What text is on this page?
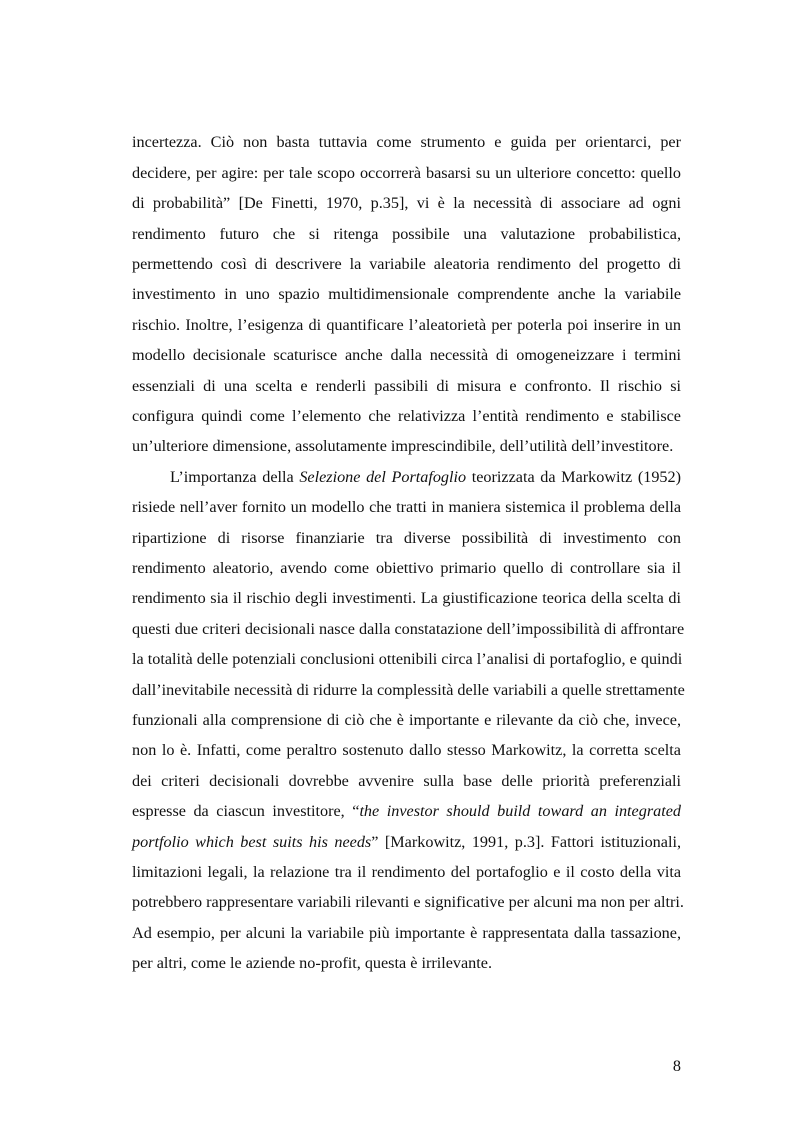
incertezza. Ciò non basta tuttavia come strumento e guida per orientarci, per
decidere, per agire: per tale scopo occorrerà basarsi su un ulteriore concetto: quello
di probabilità” [De Finetti, 1970, p.35], vi è la necessità di associare ad ogni
rendimento futuro che si ritenga possibile una valutazione probabilistica,
permettendo così di descrivere la variabile aleatoria rendimento del progetto di
investimento in uno spazio multidimensionale comprendente anche la variabile
rischio. Inoltre, l’esigenza di quantificare l’aleatorietà per poterla poi inserire in un
modello decisionale scaturisce anche dalla necessità di omogeneizzare i termini
essenziali di una scelta e renderli passibili di misura e confronto. Il rischio si
configura quindi come l’elemento che relativizza l’entità rendimento e stabilisce
un’ulteriore dimensione, assolutamente imprescindibile, dell’utilità dell’investitore.
L’importanza della Selezione del Portafoglio teorizzata da Markowitz (1952)
risiede nell’aver fornito un modello che tratti in maniera sistemica il problema della
ripartizione di risorse finanziarie tra diverse possibilità di investimento con
rendimento aleatorio, avendo come obiettivo primario quello di controllare sia il
rendimento sia il rischio degli investimenti. La giustificazione teorica della scelta di
questi due criteri decisionali nasce dalla constatazione dell’impossibilità di affrontare
la totalità delle potenziali conclusioni ottenibili circa l’analisi di portafoglio, e quindi
dall’inevitabile necessità di ridurre la complessità delle variabili a quelle strettamente
funzionali alla comprensione di ciò che è importante e rilevante da ciò che, invece,
non lo è. Infatti, come peraltro sostenuto dallo stesso Markowitz, la corretta scelta
dei criteri decisionali dovrebbe avvenire sulla base delle priorità preferenziali
espresse da ciascun investitore, “the investor should build toward an integrated
portfolio which best suits his needs” [Markowitz, 1991, p.3]. Fattori istituzionali,
limitazioni legali, la relazione tra il rendimento del portafoglio e il costo della vita
potrebbero rappresentare variabili rilevanti e significative per alcuni ma non per altri.
Ad esempio, per alcuni la variabile più importante è rappresentata dalla tassazione,
per altri, come le aziende no-profit, questa è irrilevante.
8
